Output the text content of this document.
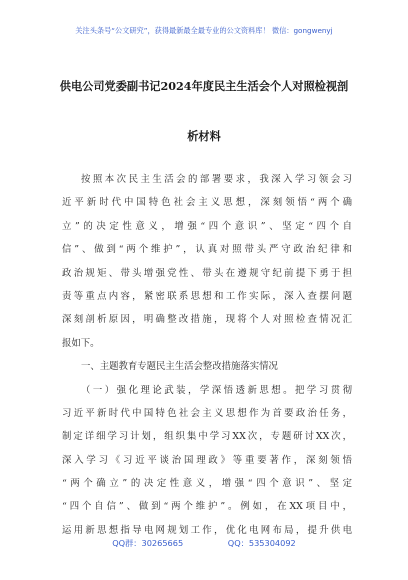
关注头条号“公文研究”，获得最新最全最专业的公文资料库！ 微信：gongwenyj
供电公司党委副书记2024年度民主生活会个人对照检视剖
析材料
按照本次民主生活会的部署要求，我深入学习领会习
近平新时代中国特色社会主义思想，深刻领悟“两个确
立”的决定性意义，增强“四个意识”、坚定“四个自
信”、做到“两个维护”，认真对照带头严守政治纪律和
政治规矩、带头增强党性、带头在遵规守纪前提下勇于担
责等重点内容，紧密联系思想和工作实际，深入查摆问题
深刻剖析原因，明确整改措施，现将个人对照检查情况汇
报如下。
一、主题教育专题民主生活会整改措施落实情况
（一）强化理论武装，学深悟透新思想。把学习贯彻
习近平新时代中国特色社会主义思想作为首要政治任务，
制定详细学习计划，组织集中学习XX次，专题研讨XX次，
深入学习《习近平谈治国理政》等重要著作，深刻领悟
“两个确立”的决定性意义，增强“四个意识”、坚定
“四个自信”、做到“两个维护”。例如，在XX项目中，
运用新思想指导电网规划工作，优化电网布局，提升供电
QQ群：30265665	QQ：535304092
